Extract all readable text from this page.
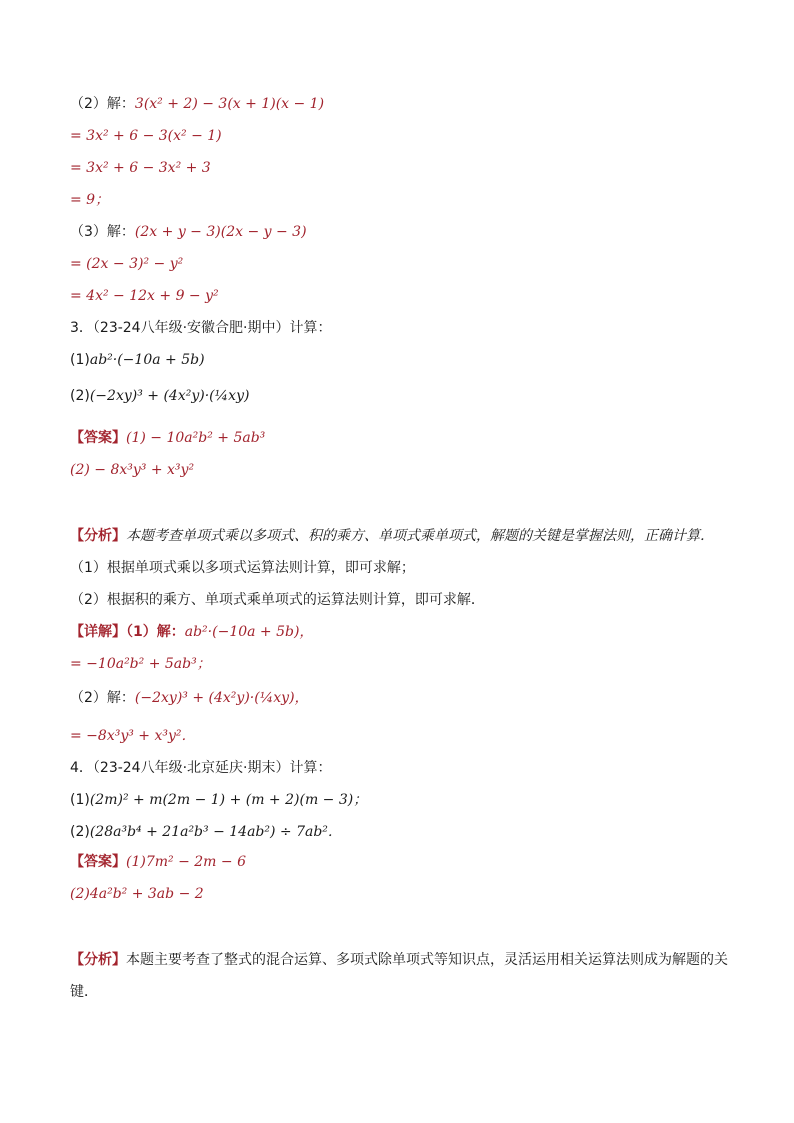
（2）解：3(x² + 2) − 3(x + 1)(x − 1)
= 3x² + 6 − 3(x² − 1)
= 3x² + 6 − 3x² + 3
= 9；
（3）解：(2x + y − 3)(2x − y − 3)
= (2x − 3)² − y²
= 4x² − 12x + 9 − y²
3．（23-24八年级·安徽合肥·期中）计算：
(1)ab²·(−10a + 5b)
(2)(−2xy)³ + (4x²y)·(¼xy)
【答案】(1) − 10a²b² + 5ab³
(2) − 8x³y³ + x³y²
【分析】本题考查单项式乘以多项式、积的乘方、单项式乘单项式，解题的关键是掌握法则，正确计算．
（1）根据单项式乘以多项式运算法则计算，即可求解；
（2）根据积的乘方、单项式乘单项式的运算法则计算，即可求解．
【详解】（1）解：ab²·(−10a + 5b)，
= −10a²b² + 5ab³；
（2）解：(−2xy)³ + (4x²y)·(¼xy)，
= −8x³y³ + x³y²．
4．（23-24八年级·北京延庆·期末）计算：
(1)(2m)² + m(2m − 1) + (m + 2)(m − 3)；
(2)(28a³b⁴ + 21a²b³ − 14ab²) ÷ 7ab²．
【答案】(1)7m² − 2m − 6
(2)4a²b² + 3ab − 2
【分析】本题主要考查了整式的混合运算、多项式除单项式等知识点，灵活运用相关运算法则成为解题的关键．
